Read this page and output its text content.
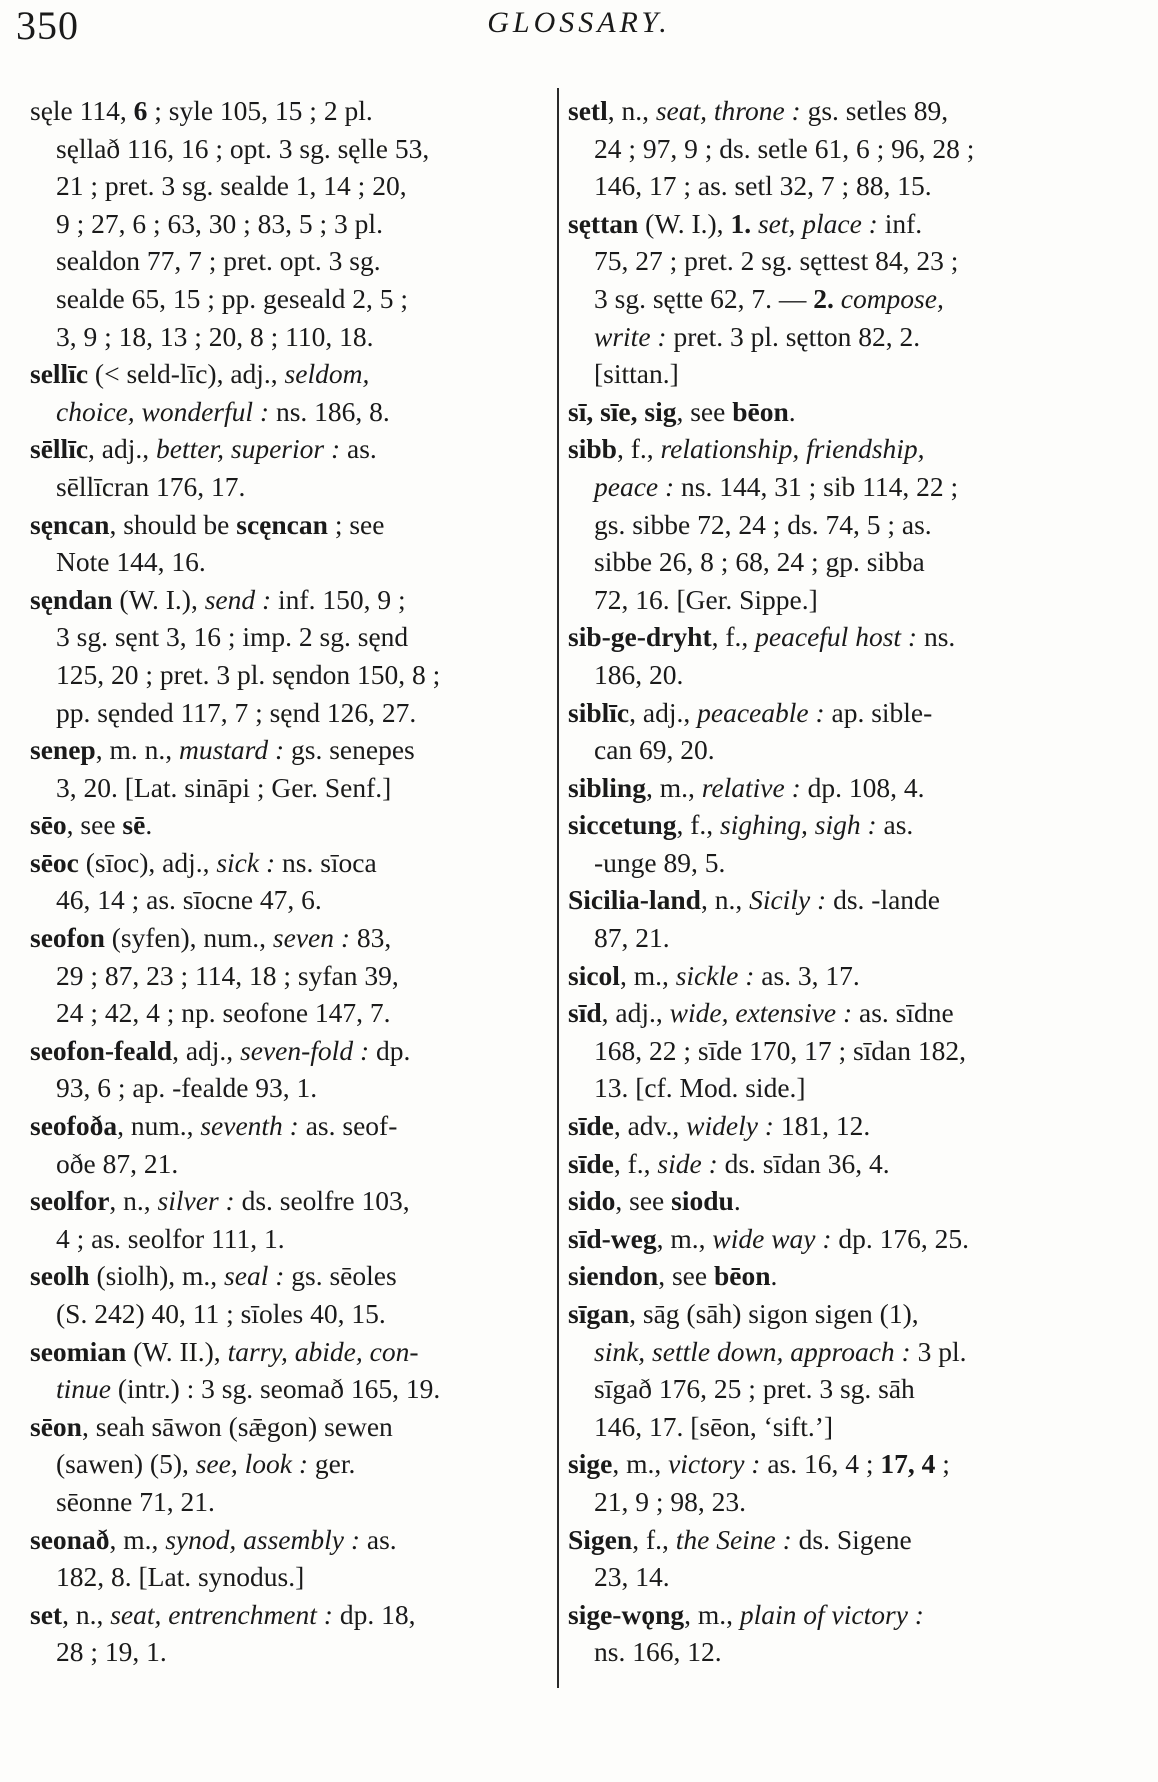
350	GLOSSARY.
sęle 114, 6 ; syle 105, 15 ; 2 pl.
sęllað 116, 16 ; opt. 3 sg. sęlle 53,
21 ; pret. 3 sg. sealde 1, 14 ; 20,
9 ; 27, 6 ; 63, 30 ; 83, 5 ; 3 pl.
sealdon 77, 7 ; pret. opt. 3 sg.
sealde 65, 15 ; pp. geseald 2, 5 ;
3, 9 ; 18, 13 ; 20, 8 ; 110, 18.
sellīc (< seld-līc), adj., seldom,
choice, wonderful : ns. 186, 8.
sēllīc, adj., better, superior : as.
sēllīcran 176, 17.
sęncan, should be scęncan ; see
Note 144, 16.
sęndan (W. I.), send : inf. 150, 9 ;
3 sg. sęnt 3, 16 ; imp. 2 sg. sęnd
125, 20 ; pret. 3 pl. sęndon 150, 8 ;
pp. sęnded 117, 7 ; sęnd 126, 27.
senep, m. n., mustard : gs. senepes
3, 20. [Lat. sināpi ; Ger. Senf.]
sēo, see sē.
sēoc (sīoc), adj., sick : ns. sīoca
46, 14 ; as. sīocne 47, 6.
seofon (syfen), num., seven : 83,
29 ; 87, 23 ; 114, 18 ; syfan 39,
24 ; 42, 4 ; np. seofone 147, 7.
seofon-feald, adj., seven-fold : dp.
93, 6 ; ap. -fealde 93, 1.
seofoða, num., seventh : as. seof-
oðe 87, 21.
seolfor, n., silver : ds. seolfre 103,
4 ; as. seolfor 111, 1.
seolh (siolh), m., seal : gs. sēoles
(S. 242) 40, 11 ; sīoles 40, 15.
seomian (W. II.), tarry, abide, con-
tinue (intr.) : 3 sg. seomað 165, 19.
sēon, seah sāwon (sǣgon) sewen
(sawen) (5), see, look : ger.
sēonne 71, 21.
seonað, m., synod, assembly : as.
182, 8. [Lat. synodus.]
set, n., seat, entrenchment : dp. 18,
28 ; 19, 1.
setl, n., seat, throne : gs. setles 89,
24 ; 97, 9 ; ds. setle 61, 6 ; 96, 28 ;
146, 17 ; as. setl 32, 7 ; 88, 15.
sęttan (W. I.), 1. set, place : inf.
75, 27 ; pret. 2 sg. sęttest 84, 23 ;
3 sg. sętte 62, 7. — 2. compose,
write : pret. 3 pl. sętton 82, 2.
[sittan.]
sī, sīe, sig, see bēon.
sibb, f., relationship, friendship,
peace : ns. 144, 31 ; sib 114, 22 ;
gs. sibbe 72, 24 ; ds. 74, 5 ; as.
sibbe 26, 8 ; 68, 24 ; gp. sibba
72, 16. [Ger. Sippe.]
sib-ge-dryht, f., peaceful host : ns.
186, 20.
siblīc, adj., peaceable : ap. sible-
can 69, 20.
sibling, m., relative : dp. 108, 4.
siccetung, f., sighing, sigh : as.
-unge 89, 5.
Sicilia-land, n., Sicily : ds. -lande
87, 21.
sicol, m., sickle : as. 3, 17.
sīd, adj., wide, extensive : as. sīdne
168, 22 ; sīde 170, 17 ; sīdan 182,
13. [cf. Mod. side.]
sīde, adv., widely : 181, 12.
sīde, f., side : ds. sīdan 36, 4.
sido, see siodu.
sīd-weg, m., wide way : dp. 176, 25.
siendon, see bēon.
sīgan, sāg (sāh) sigon sigen (1),
sink, settle down, approach : 3 pl.
sīgað 176, 25 ; pret. 3 sg. sāh
146, 17. [sēon, ‘sift.’]
sige, m., victory : as. 16, 4 ; 17, 4 ;
21, 9 ; 98, 23.
Sigen, f., the Seine : ds. Sigene
23, 14.
sige-wǫng, m., plain of victory :
ns. 166, 12.
